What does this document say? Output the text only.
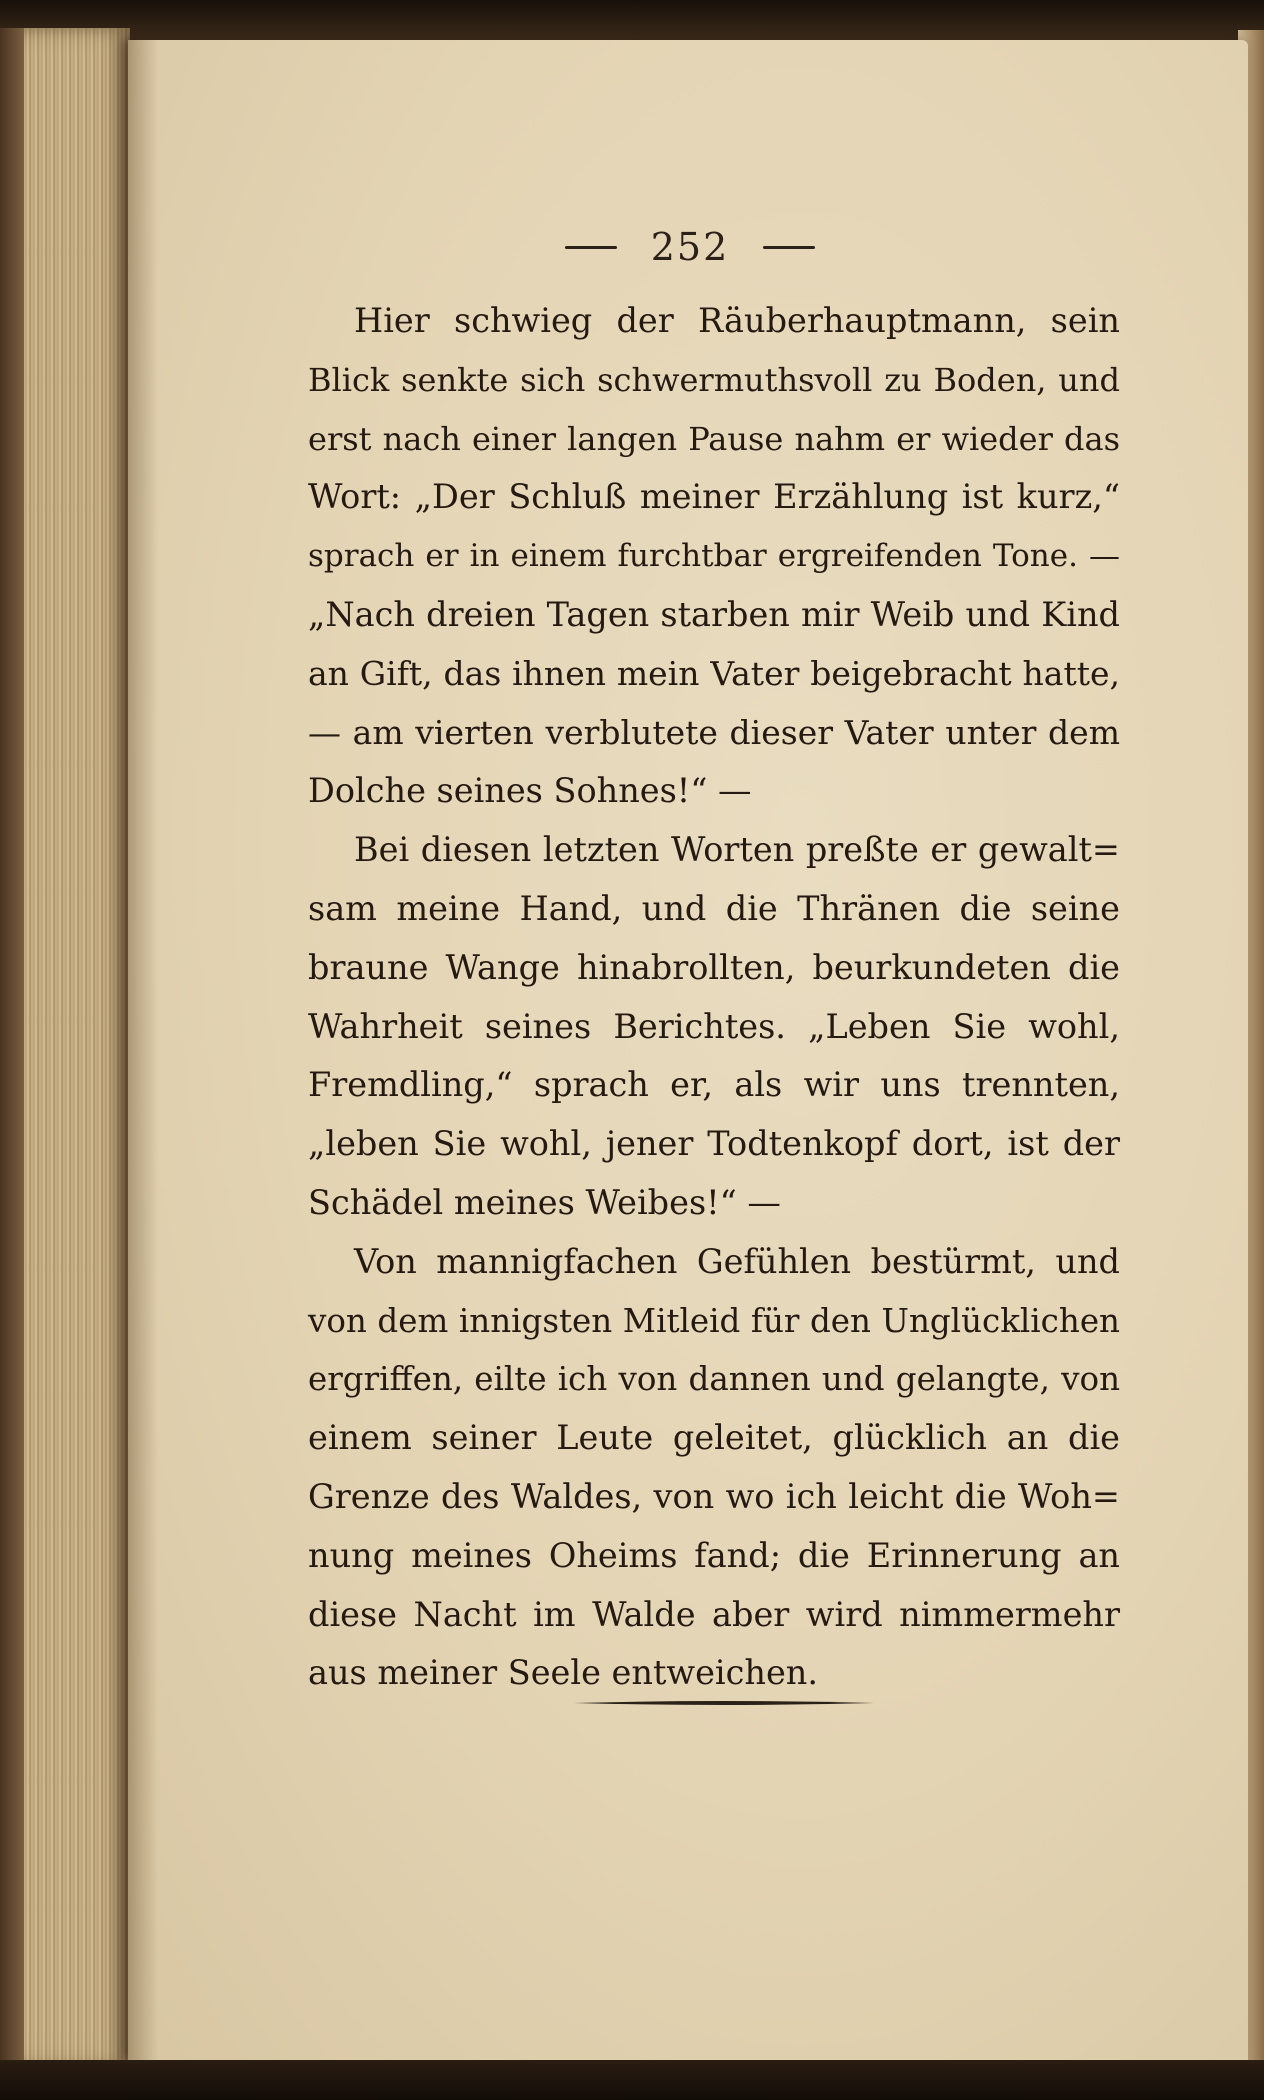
252
Hier schwieg der Räuberhauptmann, sein
Blick senkte sich schwermuthsvoll zu Boden, und
erst nach einer langen Pause nahm er wieder das
Wort: „Der Schluß meiner Erzählung ist kurz,“
sprach er in einem furchtbar ergreifenden Tone. —
„Nach dreien Tagen starben mir Weib und Kind
an Gift, das ihnen mein Vater beigebracht hatte,
— am vierten verblutete dieser Vater unter dem
Dolche seines Sohnes!“ —
Bei diesen letzten Worten preßte er gewalt=
sam meine Hand, und die Thränen die seine
braune Wange hinabrollten, beurkundeten die
Wahrheit seines Berichtes. „Leben Sie wohl,
Fremdling,“ sprach er, als wir uns trennten,
„leben Sie wohl, jener Todtenkopf dort, ist der
Schädel meines Weibes!“ —
Von mannigfachen Gefühlen bestürmt, und
von dem innigsten Mitleid für den Unglücklichen
ergriffen, eilte ich von dannen und gelangte, von
einem seiner Leute geleitet, glücklich an die
Grenze des Waldes, von wo ich leicht die Woh=
nung meines Oheims fand; die Erinnerung an
diese Nacht im Walde aber wird nimmermehr
aus meiner Seele entweichen.
